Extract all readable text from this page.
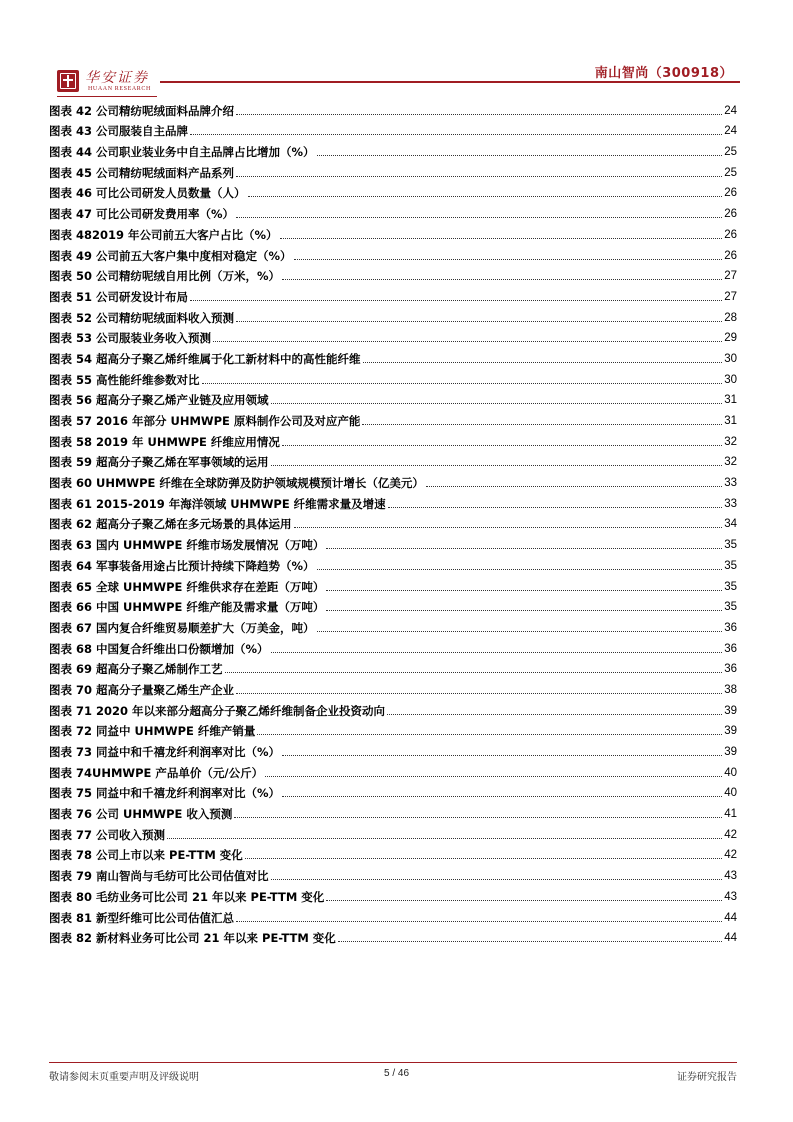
华安证券
HUAAN RESEARCH
南山智尚（300918）
图表 42 公司精纺呢绒面料品牌介绍	24
图表 43 公司服装自主品牌	24
图表 44 公司职业装业务中自主品牌占比增加（%）	25
图表 45 公司精纺呢绒面料产品系列	25
图表 46 可比公司研发人员数量（人）	26
图表 47 可比公司研发费用率（%）	26
图表 482019 年公司前五大客户占比（%）	26
图表 49 公司前五大客户集中度相对稳定（%）	26
图表 50 公司精纺呢绒自用比例（万米，%）	27
图表 51 公司研发设计布局	27
图表 52 公司精纺呢绒面料收入预测	28
图表 53 公司服装业务收入预测	29
图表 54 超高分子聚乙烯纤维属于化工新材料中的高性能纤维	30
图表 55 高性能纤维参数对比	30
图表 56 超高分子聚乙烯产业链及应用领域	31
图表 57 2016 年部分 UHMWPE 原料制作公司及对应产能	31
图表 58 2019 年 UHMWPE 纤维应用情况	32
图表 59 超高分子聚乙烯在军事领域的运用	32
图表 60 UHMWPE 纤维在全球防弹及防护领域规模预计增长（亿美元）	33
图表 61 2015-2019 年海洋领域 UHMWPE 纤维需求量及增速	33
图表 62 超高分子聚乙烯在多元场景的具体运用	34
图表 63 国内 UHMWPE 纤维市场发展情况（万吨）	35
图表 64 军事装备用途占比预计持续下降趋势（%）	35
图表 65 全球 UHMWPE 纤维供求存在差距（万吨）	35
图表 66 中国 UHMWPE 纤维产能及需求量（万吨）	35
图表 67 国内复合纤维贸易顺差扩大（万美金，吨）	36
图表 68 中国复合纤维出口份额增加（%）	36
图表 69 超高分子聚乙烯制作工艺	36
图表 70 超高分子量聚乙烯生产企业	38
图表 71 2020 年以来部分超高分子聚乙烯纤维制备企业投资动向	39
图表 72 同益中 UHMWPE 纤维产销量	39
图表 73 同益中和千禧龙纤利润率对比（%）	39
图表 74UHMWPE 产品单价（元/公斤）	40
图表 75 同益中和千禧龙纤利润率对比（%）	40
图表 76 公司 UHMWPE 收入预测	41
图表 77 公司收入预测	42
图表 78 公司上市以来 PE-TTM 变化	42
图表 79 南山智尚与毛纺可比公司估值对比	43
图表 80 毛纺业务可比公司 21 年以来 PE-TTM 变化	43
图表 81 新型纤维可比公司估值汇总	44
图表 82 新材料业务可比公司 21 年以来 PE-TTM 变化	44
敬请参阅末页重要声明及评级说明	5 / 46	证券研究报告
